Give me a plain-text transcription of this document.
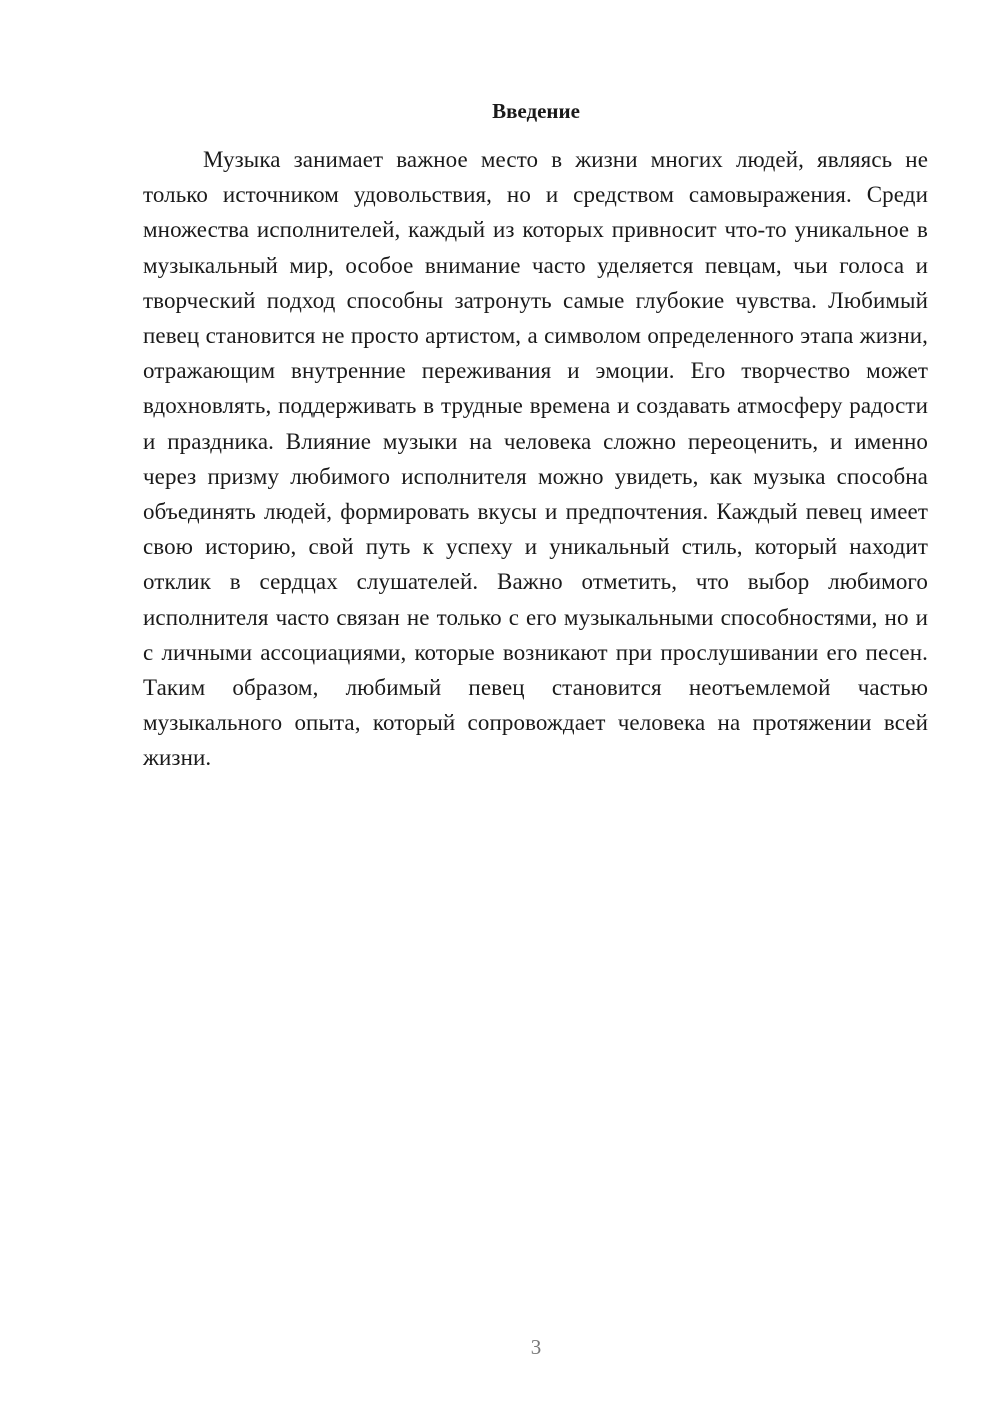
Введение

Музыка занимает важное место в жизни многих людей, являясь не только источником удовольствия, но и средством самовыражения. Среди множества исполнителей, каждый из которых привносит что-то уникальное в музыкальный мир, особое внимание часто уделяется певцам, чьи голоса и творческий подход способны затронуть самые глубокие чувства. Любимый певец становится не просто артистом, а символом определенного этапа жизни, отражающим внутренние переживания и эмоции. Его творчество может вдохновлять, поддерживать в трудные времена и создавать атмосферу радости и праздника. Влияние музыки на человека сложно переоценить, и именно через призму любимого исполнителя можно увидеть, как музыка способна объединять людей, формировать вкусы и предпочтения. Каждый певец имеет свою историю, свой путь к успеху и уникальный стиль, который находит отклик в сердцах слушателей. Важно отметить, что выбор любимого исполнителя часто связан не только с его музыкальными способностями, но и с личными ассоциациями, которые возникают при прослушивании его песен. Таким образом, любимый певец становится неотъемлемой частью музыкального опыта, который сопровождает человека на протяжении всей жизни.

3
